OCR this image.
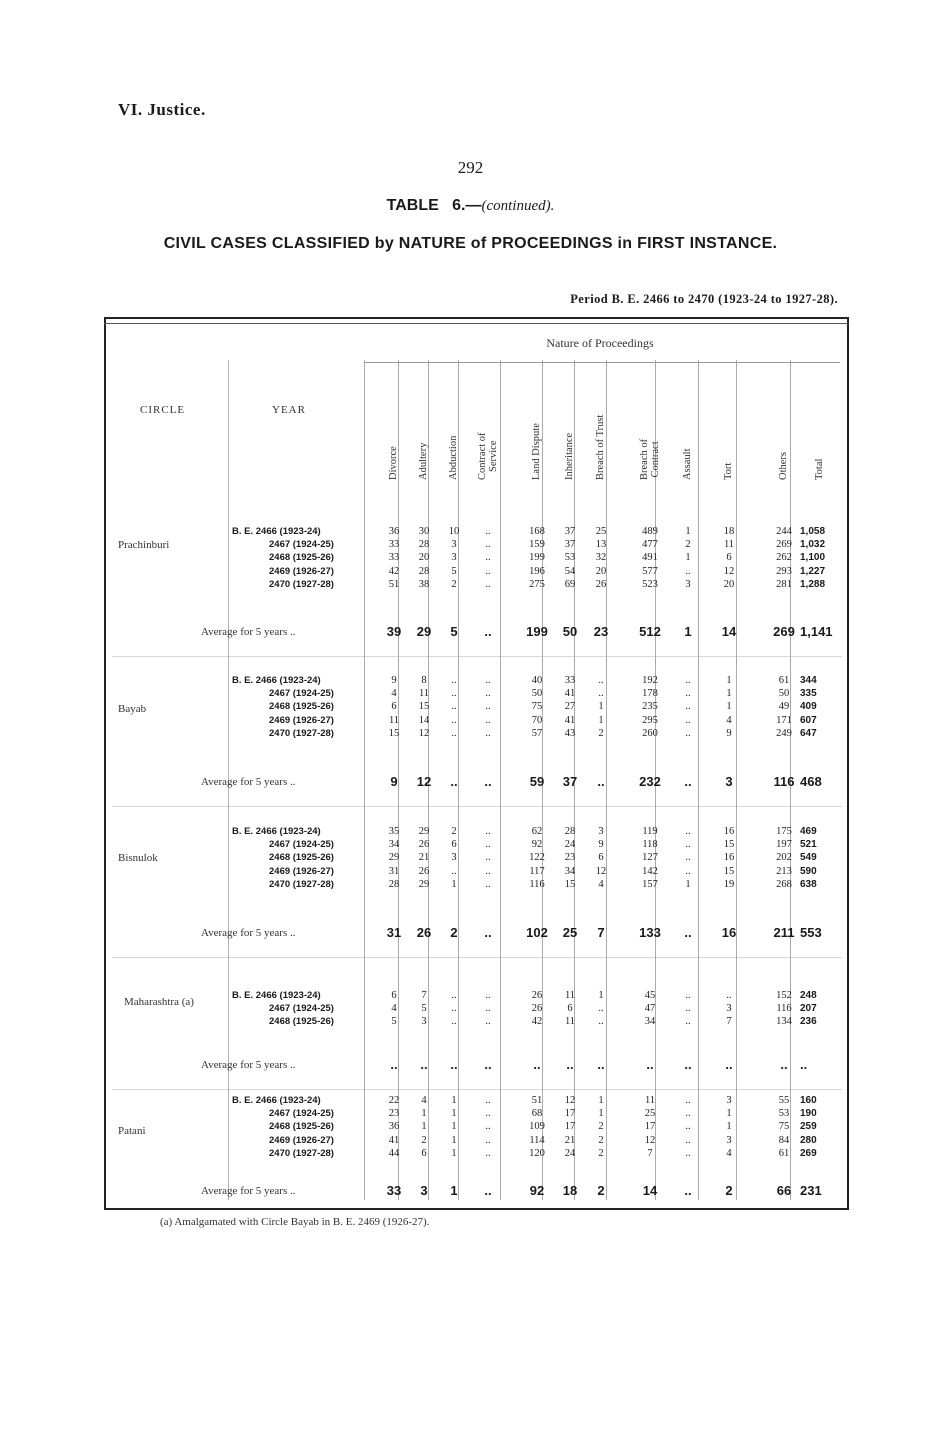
VI. Justice.
292
TABLE 6.—(continued).
CIVIL CASES CLASSIFIED by NATURE of PROCEEDINGS in FIRST INSTANCE.
Period B. E. 2466 to 2470 (1923-24 to 1927-28).
Nature of Proceedings
CIRCLE	YEAR
Divorce Adultery Abduction Contract of Service	Land Dispute Inheritance Breach of Trust	Breach of Contract Assault	Tort	Others Total
Prachinburi
B. E. 2466 (1923-24)	36	30	10	..	168	37	25	489	1	18	244 1,058
2467 (1924-25)	33	28	3	..	159	37	13	477	2	11	269 1,032
2468 (1925-26)	33	20	3	..	199	53	32	491	1	6	262 1,100
2469 (1926-27)	42	28	5	..	196	54	20	577	..	12	293 1,227
2470 (1927-28)	51	38	2	..	275	69	26	523	3	20	281 1,288
Average for 5 years ..	39	29	5	..	199	50	23	512	1	14	269 1,141
Bayab
B. E. 2466 (1923-24)	9	8	..	..	40	33	..	192	..	1	61	344
2467 (1924-25)	4	11	..	..	50	41	..	178	..	1	50	335
2468 (1925-26)	6	15	..	..	75	27	1	235	..	1	49	409
2469 (1926-27)	11	14	..	..	70	41	1	295	..	4	171 607
2470 (1927-28)	15	12	..	..	57	43	2	260	..	9	249 647
Average for 5 years ..	9	12	..	..	59	37	..	232	..	3	116 468
Bisnulok
B. E. 2466 (1923-24)	35	29	2	..	62	28	3	119	..	16	175 469
2467 (1924-25)	34	26	6	..	92	24	9	118	..	15	197 521
2468 (1925-26)	29	21	3	..	122	23	6	127	..	16	202 549
2469 (1926-27)	31	26	..	..	117	34	12	142	..	15	213 590
2470 (1927-28)	28	29	1	..	116	15	4	157	1	19	268 638
Average for 5 years ..	31	26	2	..	102	25	7	133	..	16	211 553
Maharashtra (a)
B. E. 2466 (1923-24)	6	7	..	..	26	11	1	45	..	..	152 248
2467 (1924-25)	4	5	..	..	26	6	..	47	..	3	116 207
2468 (1925-26)	5	3	..	..	42	11	..	34	..	7	134 236
Average for 5 years ..	..	..	..	..	..	..	..	..	..	..	.. ..
Patani
B. E. 2466 (1923-24)	22	4	1	..	51	12	1	11	..	3	55	160
2467 (1924-25)	23	1	1	..	68	17	1	25	..	1	53	190
2468 (1925-26)	36	1	1	..	109	17	2	17	..	1	75	259
2469 (1926-27)	41	2	1	..	114	21	2	12	..	3	84	280
2470 (1927-28)	44	6	1	..	120	24	2	7	..	4	61	269
Average for 5 years ..	33	3	1	..	92	18	2	14	..	2	66 231
(a) Amalgamated with Circle Bayab in B. E. 2469 (1926-27).
